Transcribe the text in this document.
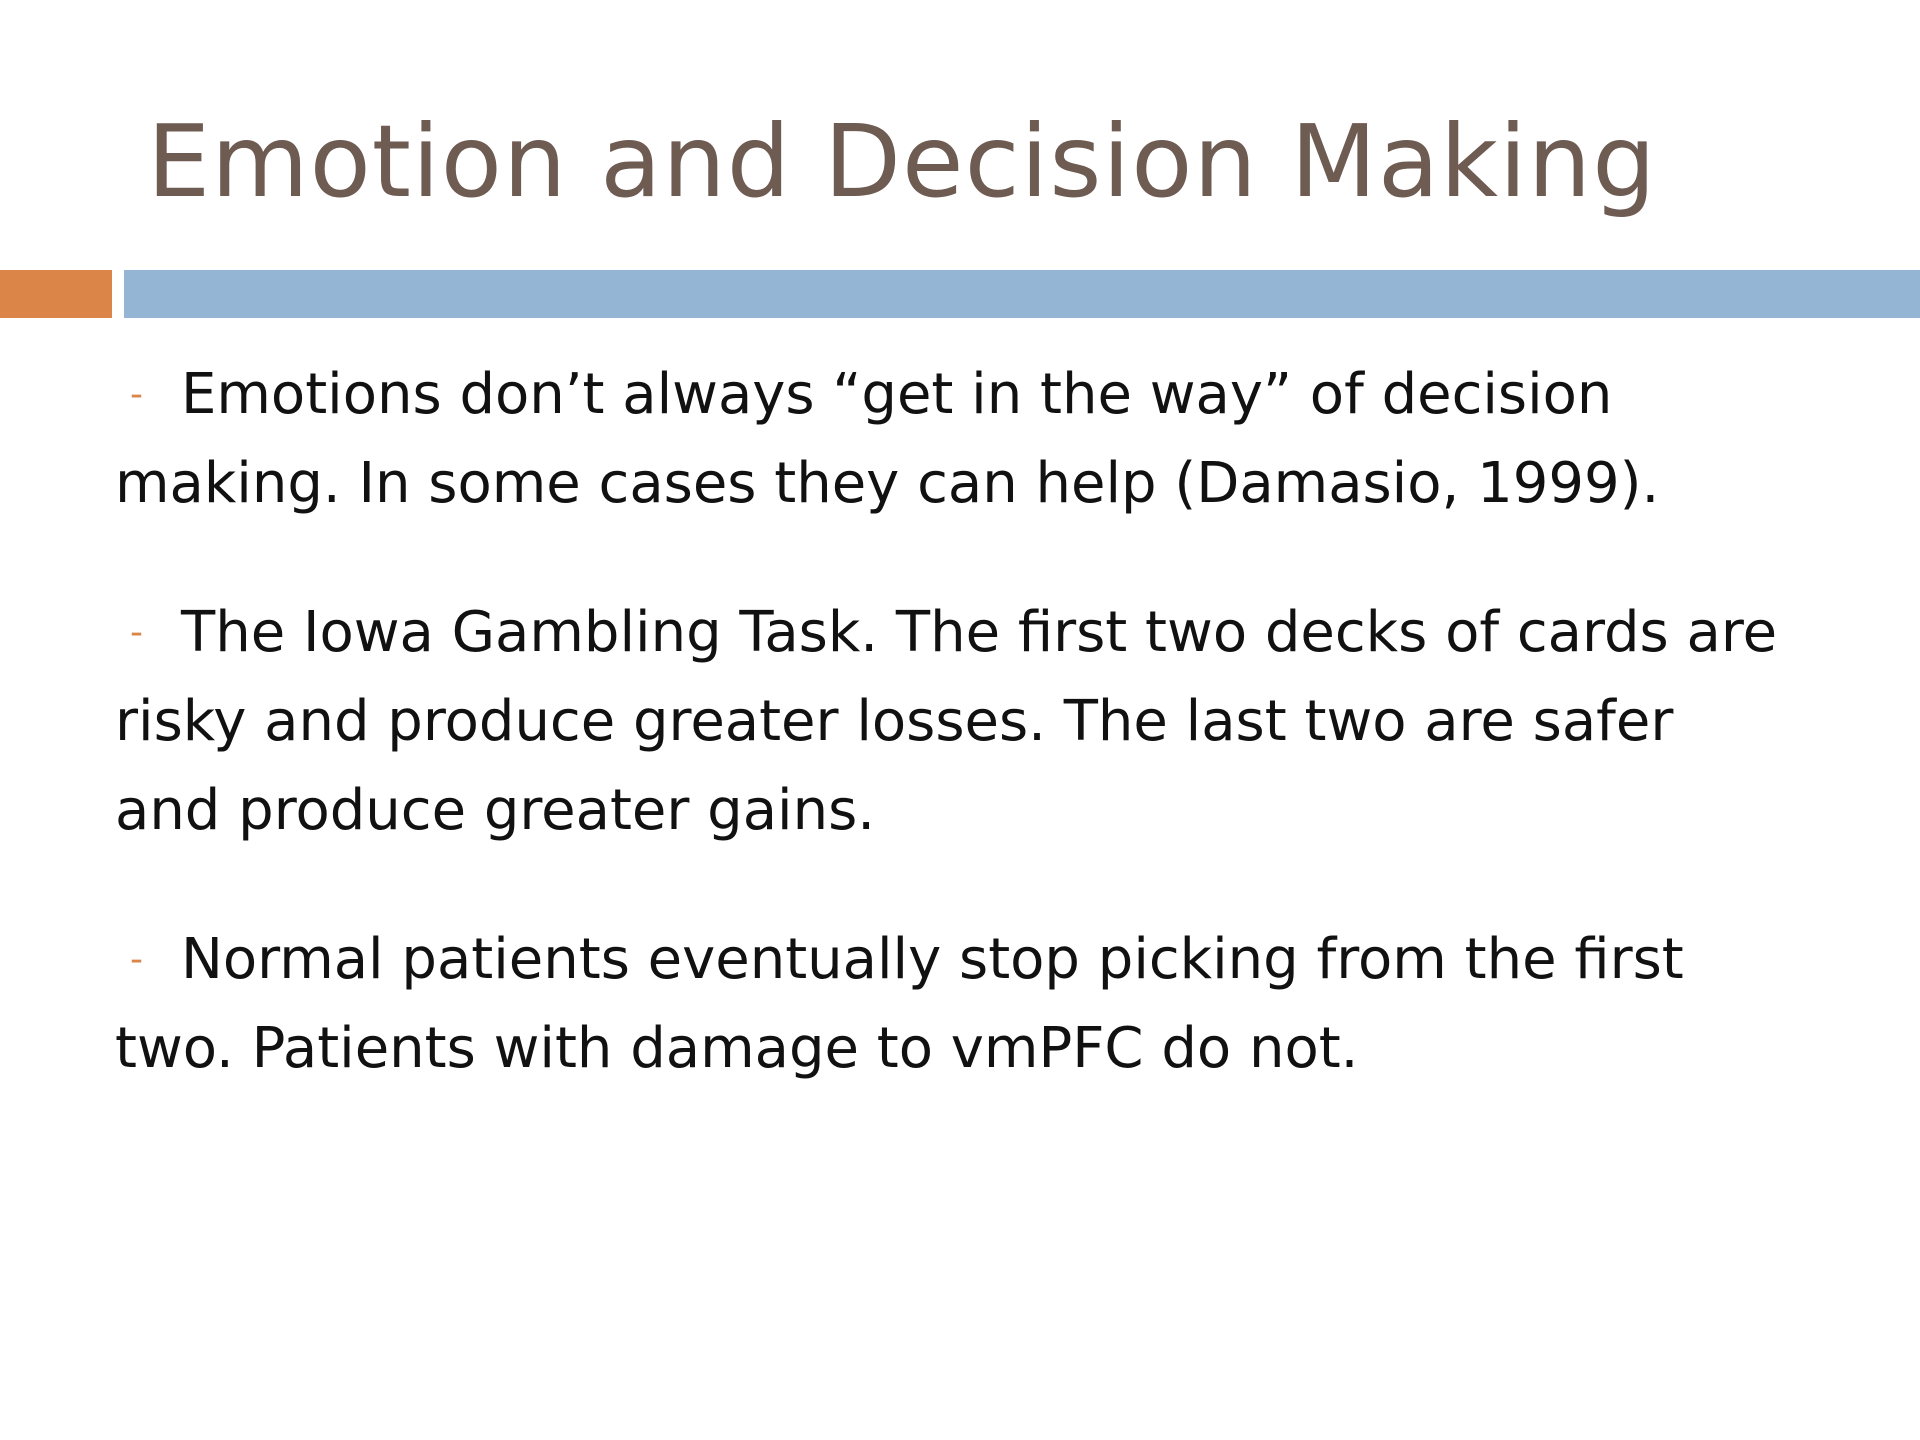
Emotion and Decision Making

- Emotions don’t always “get in the way” of decision making. In some cases they can help (Damasio, 1999).

- The Iowa Gambling Task. The first two decks of cards are risky and produce greater losses. The last two are safer and produce greater gains.

- Normal patients eventually stop picking from the first two. Patients with damage to vmPFC do not.
